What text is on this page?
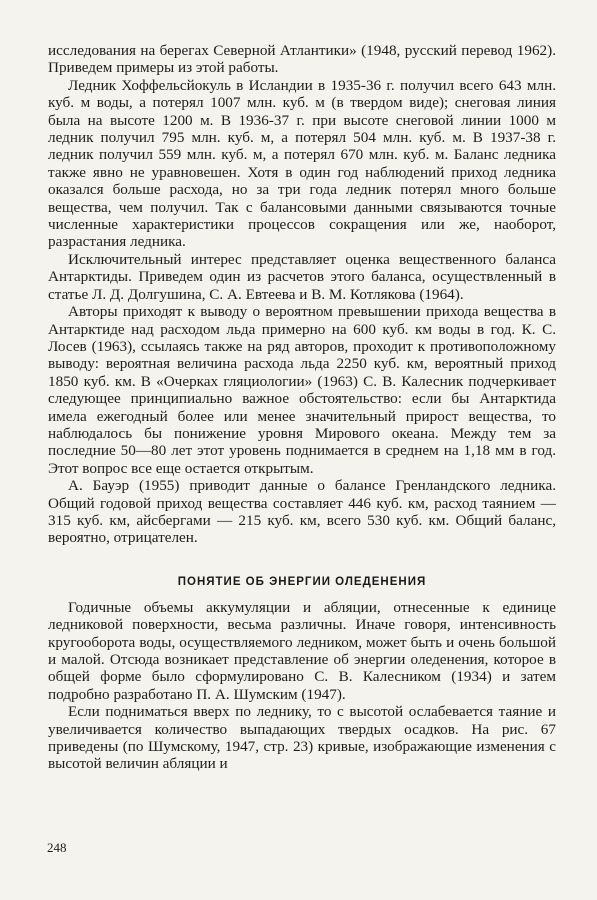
исследования на берегах Северной Атлантики» (1948, русский перевод 1962). Приведем примеры из этой работы.

Ледник Хоффельсйокуль в Исландии в 1935-36 г. получил всего 643 млн. куб. м воды, а потерял 1007 млн. куб. м (в твердом виде); снеговая линия была на высоте 1200 м. В 1936-37 г. при высоте снеговой линии 1000 м ледник получил 795 млн. куб. м, а потерял 504 млн. куб. м. В 1937-38 г. ледник получил 559 млн. куб. м, а потерял 670 млн. куб. м. Баланс ледника также явно не уравновешен. Хотя в один год наблюдений приход ледника оказался больше расхода, но за три года ледник потерял много больше вещества, чем получил. Так с балансовыми данными связываются точные численные характеристики процессов сокращения или же, наоборот, разрастания ледника.

Исключительный интерес представляет оценка вещественного баланса Антарктиды. Приведем один из расчетов этого баланса, осуществленный в статье Л. Д. Долгушина, С. А. Евтеева и В. М. Котлякова (1964).

Авторы приходят к выводу о вероятном превышении прихода вещества в Антарктиде над расходом льда примерно на 600 куб. км воды в год. К. С. Лосев (1963), ссылаясь также на ряд авторов, проходит к противоположному выводу: вероятная величина расхода льда 2250 куб. км, вероятный приход 1850 куб. км. В «Очерках гляциологии» (1963) С. В. Калесник подчеркивает следующее принципиально важное обстоятельство: если бы Антарктида имела ежегодный более или менее значительный прирост вещества, то наблюдалось бы понижение уровня Мирового океана. Между тем за последние 50—80 лет этот уровень поднимается в среднем на 1,18 мм в год. Этот вопрос все еще остается открытым.

А. Бауэр (1955) приводит данные о балансе Гренландского ледника. Общий годовой приход вещества составляет 446 куб. км, расход таянием — 315 куб. км, айсбергами — 215 куб. км, всего 530 куб. км. Общий баланс, вероятно, отрицателен.

ПОНЯТИЕ ОБ ЭНЕРГИИ ОЛЕДЕНЕНИЯ

Годичные объемы аккумуляции и абляции, отнесенные к единице ледниковой поверхности, весьма различны. Иначе говоря, интенсивность кругооборота воды, осуществляемого ледником, может быть и очень большой и малой. Отсюда возникает представление об энергии оледенения, которое в общей форме было сформулировано С. В. Калесником (1934) и затем подробно разработано П. А. Шумским (1947).

Если подниматься вверх по леднику, то с высотой ослабевается таяние и увеличивается количество выпадающих твердых осадков. На рис. 67 приведены (по Шумскому, 1947, стр. 23) кривые, изображающие изменения с высотой величин абляции и

248
